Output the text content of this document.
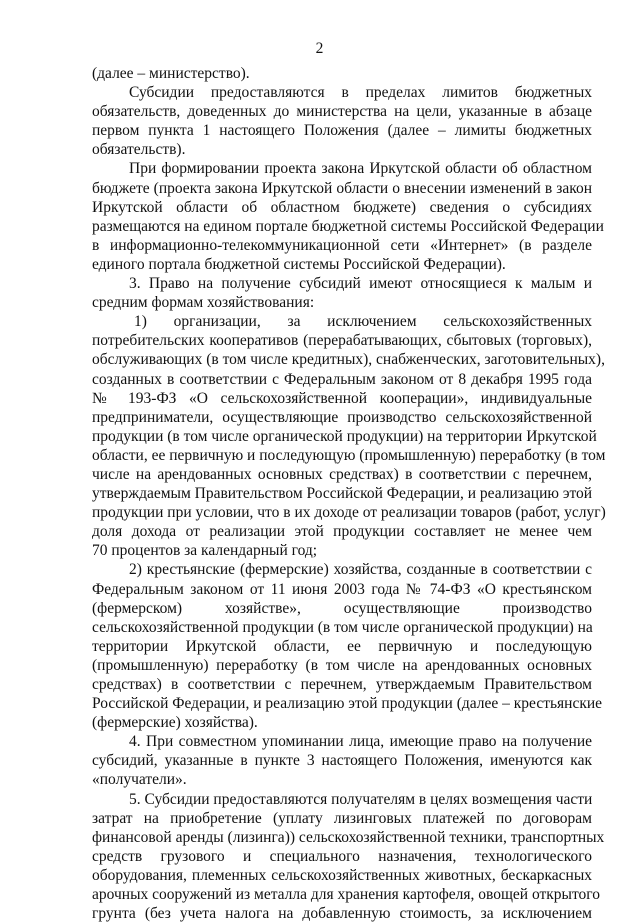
2
(далее – министерство).
Субсидии предоставляются в пределах лимитов бюджетных
обязательств, доведенных до министерства на цели, указанные в абзаце
первом пункта 1 настоящего Положения (далее – лимиты бюджетных
обязательств).
При формировании проекта закона Иркутской области об областном
бюджете (проекта закона Иркутской области о внесении изменений в закон
Иркутской области об областном бюджете) сведения о субсидиях
размещаются на едином портале бюджетной системы Российской Федерации
в информационно-телекоммуникационной сети «Интернет» (в разделе
единого портала бюджетной системы Российской Федерации).
3. Право на получение субсидий имеют относящиеся к малым и
средним формам хозяйствования:
1) организации, за исключением сельскохозяйственных
потребительских кооперативов (перерабатывающих, сбытовых (торговых),
обслуживающих (в том числе кредитных), снабженческих, заготовительных),
созданных в соответствии с Федеральным законом от 8 декабря 1995 года
№ 193-ФЗ «О сельскохозяйственной кооперации», индивидуальные
предприниматели, осуществляющие производство сельскохозяйственной
продукции (в том числе органической продукции) на территории Иркутской
области, ее первичную и последующую (промышленную) переработку (в том
числе на арендованных основных средствах) в соответствии с перечнем,
утверждаемым Правительством Российской Федерации, и реализацию этой
продукции при условии, что в их доходе от реализации товаров (работ, услуг)
доля дохода от реализации этой продукции составляет не менее чем
70 процентов за календарный год;
2) крестьянские (фермерские) хозяйства, созданные в соответствии с
Федеральным законом от 11 июня 2003 года № 74-ФЗ «О крестьянском
(фермерском) хозяйстве», осуществляющие производство
сельскохозяйственной продукции (в том числе органической продукции) на
территории Иркутской области, ее первичную и последующую
(промышленную) переработку (в том числе на арендованных основных
средствах) в соответствии с перечнем, утверждаемым Правительством
Российской Федерации, и реализацию этой продукции (далее – крестьянские
(фермерские) хозяйства).
4. При совместном упоминании лица, имеющие право на получение
субсидий, указанные в пункте 3 настоящего Положения, именуются как
«получатели».
5. Субсидии предоставляются получателям в целях возмещения части
затрат на приобретение (уплату лизинговых платежей по договорам
финансовой аренды (лизинга)) сельскохозяйственной техники, транспортных
средств грузового и специального назначения, технологического
оборудования, племенных сельскохозяйственных животных, бескаркасных
арочных сооружений из металла для хранения картофеля, овощей открытого
грунта (без учета налога на добавленную стоимость, за исключением
